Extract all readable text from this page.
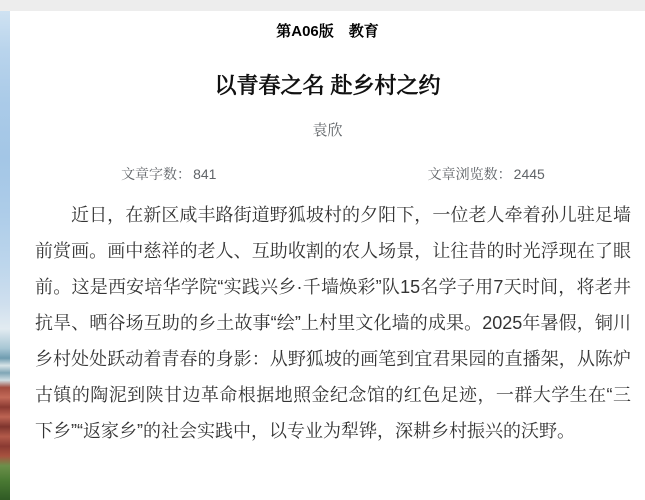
第A06版　教育
以青春之名 赴乡村之约
袁欣
文章字数： 841	文章浏览数： 2445

近日，在新区咸丰路街道野狐坡村的夕阳下，一位老人牵着孙儿驻足墙前赏画。画中慈祥的老人、互助收割的农人场景，让往昔的时光浮现在了眼前。这是西安培华学院“实践兴乡·千墙焕彩”队15名学子用7天时间，将老井抗旱、晒谷场互助的乡土故事“绘”上村里文化墙的成果。2025年暑假，铜川乡村处处跃动着青春的身影：从野狐坡的画笔到宜君果园的直播架，从陈炉古镇的陶泥到陕甘边革命根据地照金纪念馆的红色足迹，一群大学生在“三下乡”“返家乡”的社会实践中，以专业为犁铧，深耕乡村振兴的沃野。
